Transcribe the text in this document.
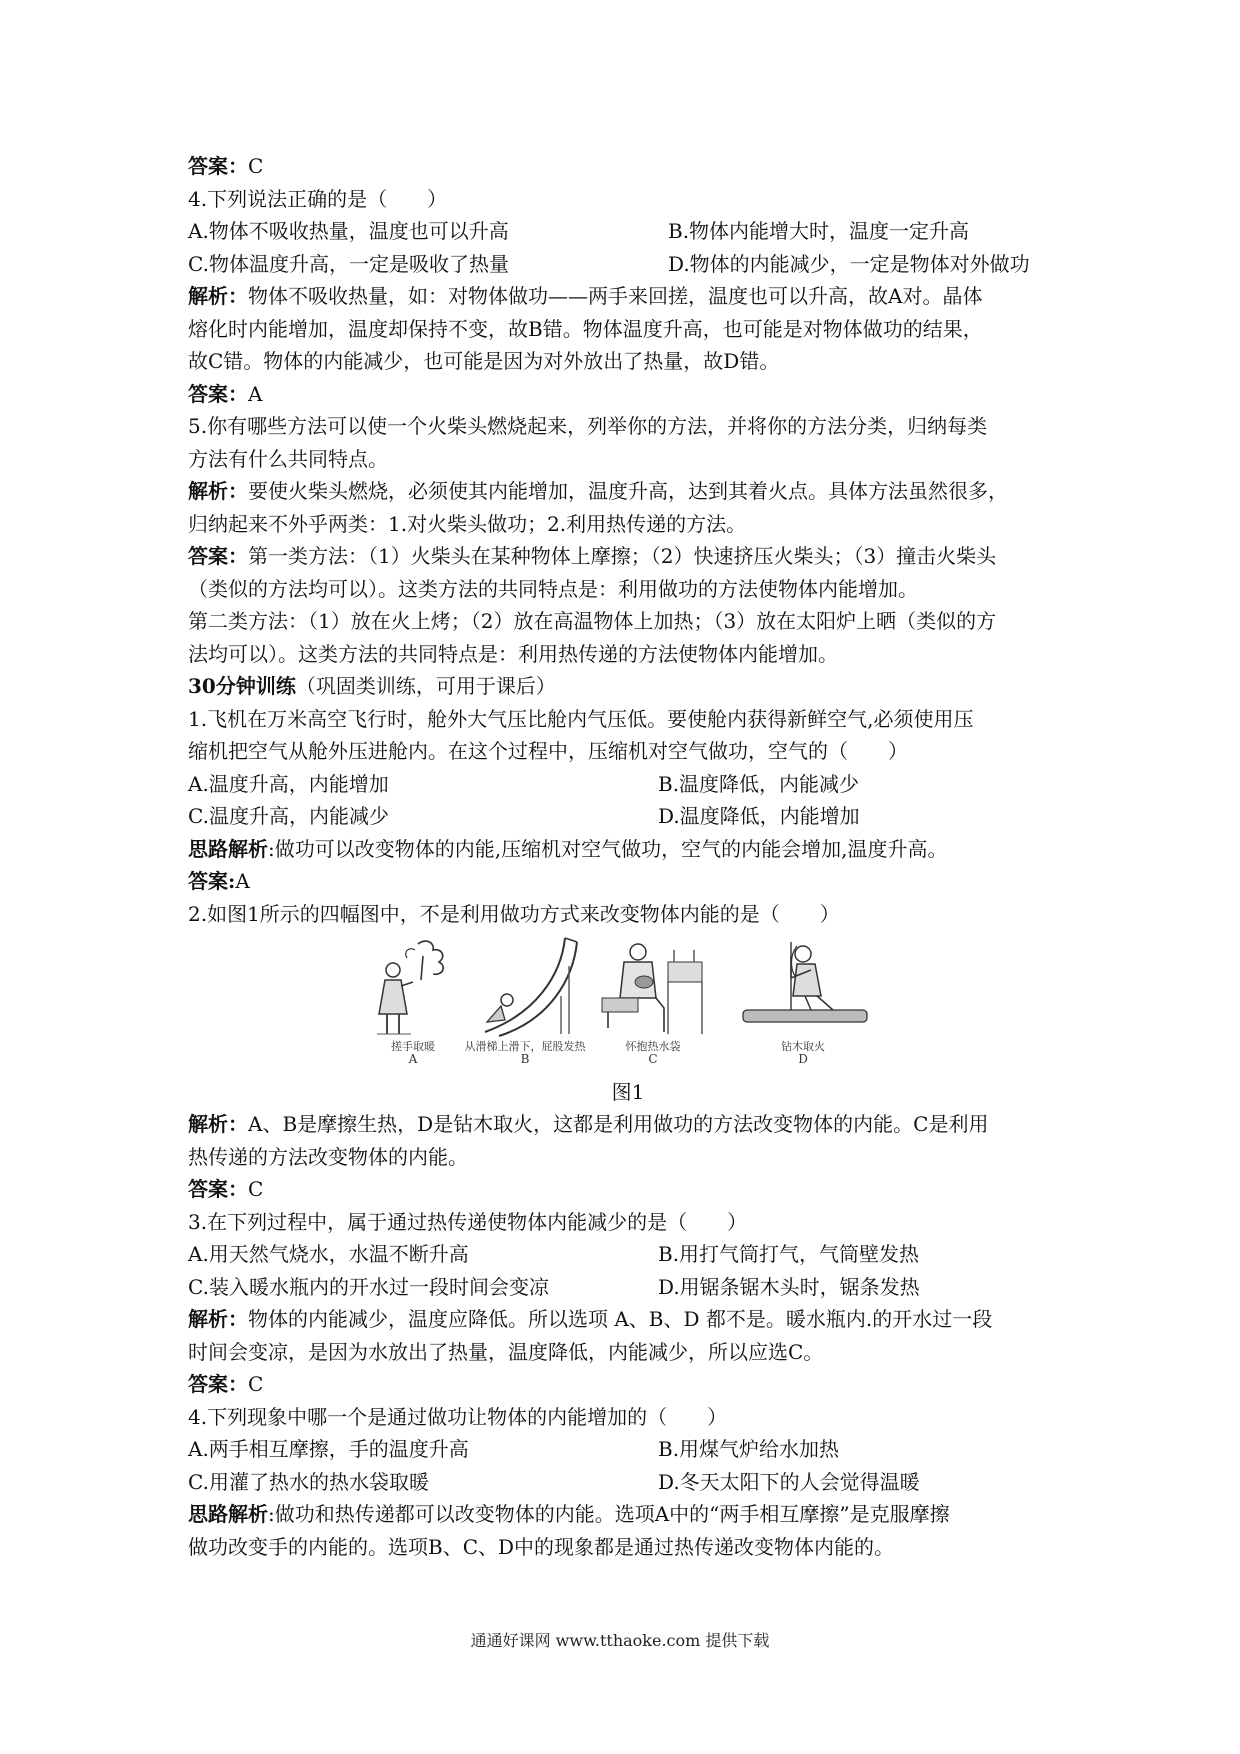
答案：C
4.下列说法正确的是（　　）
A.物体不吸收热量，温度也可以升高	B.物体内能增大时，温度一定升高
C.物体温度升高，一定是吸收了热量	D.物体的内能减少，一定是物体对外做功
解析：物体不吸收热量，如：对物体做功——两手来回搓，温度也可以升高，故A对。晶体
熔化时内能增加，温度却保持不变，故B错。物体温度升高，也可能是对物体做功的结果，
故C错。物体的内能减少，也可能是因为对外放出了热量，故D错。
答案：A
5.你有哪些方法可以使一个火柴头燃烧起来，列举你的方法，并将你的方法分类，归纳每类
方法有什么共同特点。
解析：要使火柴头燃烧，必须使其内能增加，温度升高，达到其着火点。具体方法虽然很多，
归纳起来不外乎两类：1.对火柴头做功；2.利用热传递的方法。
答案：第一类方法：（1）火柴头在某种物体上摩擦；（2）快速挤压火柴头；（3）撞击火柴头
（类似的方法均可以）。这类方法的共同特点是：利用做功的方法使物体内能增加。
第二类方法：（1）放在火上烤；（2）放在高温物体上加热；（3）放在太阳炉上晒（类似的方
法均可以）。这类方法的共同特点是：利用热传递的方法使物体内能增加。
30分钟训练（巩固类训练，可用于课后）
1.飞机在万米高空飞行时，舱外大气压比舱内气压低。要使舱内获得新鲜空气,必须使用压
缩机把空气从舱外压进舱内。在这个过程中，压缩机对空气做功，空气的（　　）
A.温度升高，内能增加	B.温度降低，内能减少
C.温度升高，内能减少	D.温度降低，内能增加
思路解析:做功可以改变物体的内能,压缩机对空气做功，空气的内能会增加,温度升高。
答案:A
2.如图1所示的四幅图中，不是利用做功方式来改变物体内能的是（　　）
搓手取暖
A
从滑梯上滑下，屁股发热
B
怀抱热水袋
C
钻木取火
D
图1
解析：A、B是摩擦生热，D是钻木取火，这都是利用做功的方法改变物体的内能。C是利用
热传递的方法改变物体的内能。
答案：C
3.在下列过程中，属于通过热传递使物体内能减少的是（　　）
A.用天然气烧水，水温不断升高	B.用打气筒打气，气筒壁发热
C.装入暖水瓶内的开水过一段时间会变凉	D.用锯条锯木头时，锯条发热
解析：物体的内能减少，温度应降低。所以选项 A、B、D 都不是。暖水瓶内.的开水过一段
时间会变凉，是因为水放出了热量，温度降低，内能减少，所以应选C。
答案：C
4.下列现象中哪一个是通过做功让物体的内能增加的（　　）
A.两手相互摩擦，手的温度升高	B.用煤气炉给水加热
C.用灌了热水的热水袋取暖	D.冬天太阳下的人会觉得温暖
思路解析:做功和热传递都可以改变物体的内能。选项A中的“两手相互摩擦”是克服摩擦
做功改变手的内能的。选项B、C、D中的现象都是通过热传递改变物体内能的。
通通好课网 www.tthaoke.com 提供下载
